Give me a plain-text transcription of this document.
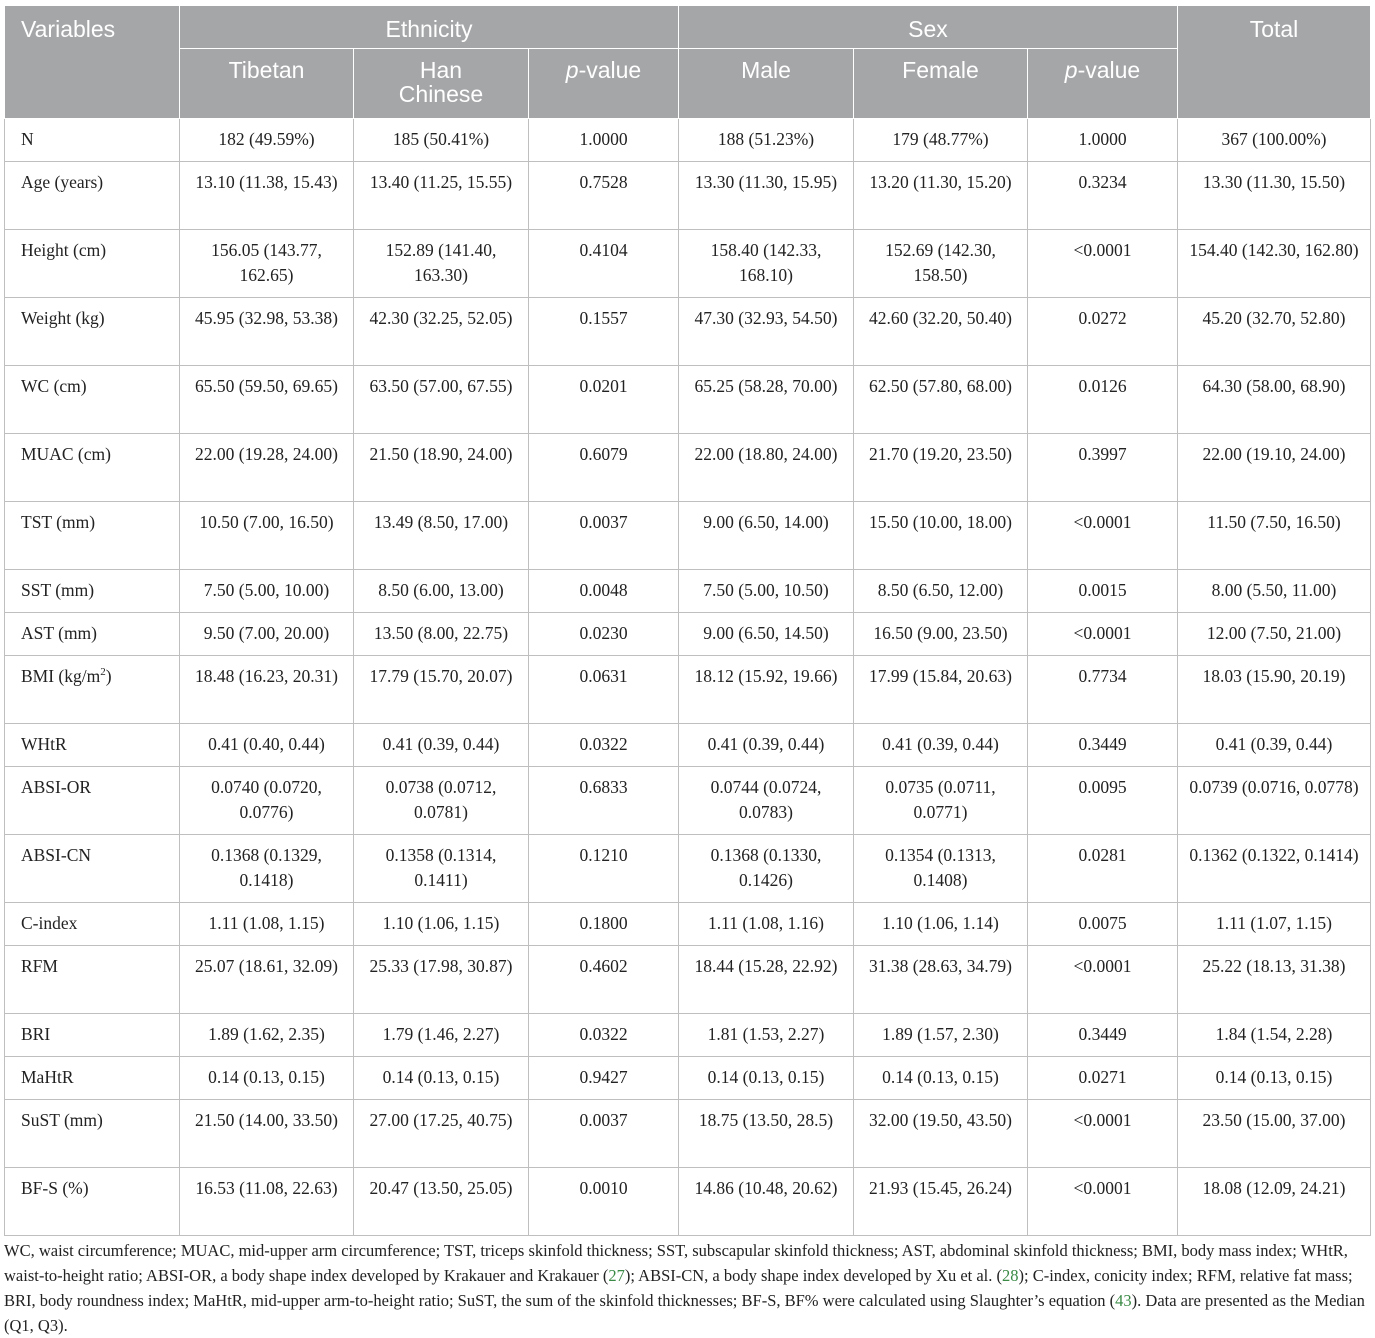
Variables	Ethnicity			Sex			Total
	Tibetan	Han Chinese	p-value	Male	Female	p-value	
N	182 (49.59%)	185 (50.41%)	1.0000	188 (51.23%)	179 (48.77%)	1.0000	367 (100.00%)
Age (years)	13.10 (11.38, 15.43)	13.40 (11.25, 15.55)	0.7528	13.30 (11.30, 15.95)	13.20 (11.30, 15.20)	0.3234	13.30 (11.30, 15.50)
Height (cm)	156.05 (143.77, 162.65)	152.89 (141.40, 163.30)	0.4104	158.40 (142.33, 168.10)	152.69 (142.30, 158.50)	<0.0001	154.40 (142.30, 162.80)
Weight (kg)	45.95 (32.98, 53.38)	42.30 (32.25, 52.05)	0.1557	47.30 (32.93, 54.50)	42.60 (32.20, 50.40)	0.0272	45.20 (32.70, 52.80)
WC (cm)	65.50 (59.50, 69.65)	63.50 (57.00, 67.55)	0.0201	65.25 (58.28, 70.00)	62.50 (57.80, 68.00)	0.0126	64.30 (58.00, 68.90)
MUAC (cm)	22.00 (19.28, 24.00)	21.50 (18.90, 24.00)	0.6079	22.00 (18.80, 24.00)	21.70 (19.20, 23.50)	0.3997	22.00 (19.10, 24.00)
TST (mm)	10.50 (7.00, 16.50)	13.49 (8.50, 17.00)	0.0037	9.00 (6.50, 14.00)	15.50 (10.00, 18.00)	<0.0001	11.50 (7.50, 16.50)
SST (mm)	7.50 (5.00, 10.00)	8.50 (6.00, 13.00)	0.0048	7.50 (5.00, 10.50)	8.50 (6.50, 12.00)	0.0015	8.00 (5.50, 11.00)
AST (mm)	9.50 (7.00, 20.00)	13.50 (8.00, 22.75)	0.0230	9.00 (6.50, 14.50)	16.50 (9.00, 23.50)	<0.0001	12.00 (7.50, 21.00)
BMI $(kg/m^2)$	18.48 (16.23, 20.31)	17.79 (15.70, 20.07)	0.0631	18.12 (15.92, 19.66)	17.99 (15.84, 20.63)	0.7734	18.03 (15.90, 20.19)
WHtR	0.41 (0.40, 0.44)	0.41 (0.39, 0.44)	0.0322	0.41 (0.39, 0.44)	0.41 (0.39, 0.44)	0.3449	0.41 (0.39, 0.44)
ABSI-OR	0.0740 (0.0720, 0.0776)	0.0738 (0.0712, 0.0781)	0.6833	0.0744 (0.0724, 0.0783)	0.0735 (0.0711, 0.0771)	0.0095	0.0739 (0.0716, 0.0778)
ABSI-CN	0.1368 (0.1329, 0.1418)	0.1358 (0.1314, 0.1411)	0.1210	0.1368 (0.1330, 0.1426)	0.1354 (0.1313, 0.1408)	0.0281	0.1362 (0.1322, 0.1414)
C-index	1.11 (1.08, 1.15)	1.10 (1.06, 1.15)	0.1800	1.11 (1.08, 1.16)	1.10 (1.06, 1.14)	0.0075	1.11 (1.07, 1.15)
RFM	25.07 (18.61, 32.09)	25.33 (17.98, 30.87)	0.4602	18.44 (15.28, 22.92)	31.38 (28.63, 34.79)	<0.0001	25.22 (18.13, 31.38)
BRI	1.89 (1.62, 2.35)	1.79 (1.46, 2.27)	0.0322	1.81 (1.53, 2.27)	1.89 (1.57, 2.30)	0.3449	1.84 (1.54, 2.28)
MaHtR	0.14 (0.13, 0.15)	0.14 (0.13, 0.15)	0.9427	0.14 (0.13, 0.15)	0.14 (0.13, 0.15)	0.0271	0.14 (0.13, 0.15)
SuST (mm)	21.50 (14.00, 33.50)	27.00 (17.25, 40.75)	0.0037	18.75 (13.50, 28.5)	32.00 (19.50, 43.50)	<0.0001	23.50 (15.00, 37.00)
BF-S (%)	16.53 (11.08, 22.63)	20.47 (13.50, 25.05)	0.0010	14.86 (10.48, 20.62)	21.93 (15.45, 26.24)	<0.0001	18.08 (12.09, 24.21)
WC, waist circumference; MUAC, mid-upper arm circumference; TST, triceps skinfold thickness; SST, subscapular skinfold thickness; AST, abdominal skinfold thickness; BMI, body mass index; WHtR, waist-to-height ratio; ABSI-OR, a body shape index developed by Krakauer and Krakauer (27); ABSI-CN, a body shape index developed by Xu et al. (28); C-index, conicity index; RFM, relative fat mass; BRI, body roundness index; MaHtR, mid-upper arm-to-height ratio; SuST, the sum of the skinfold thicknesses; BF-S, BF% were calculated using Slaughter’s equation (43). Data are presented as the Median (Q1, Q3).
